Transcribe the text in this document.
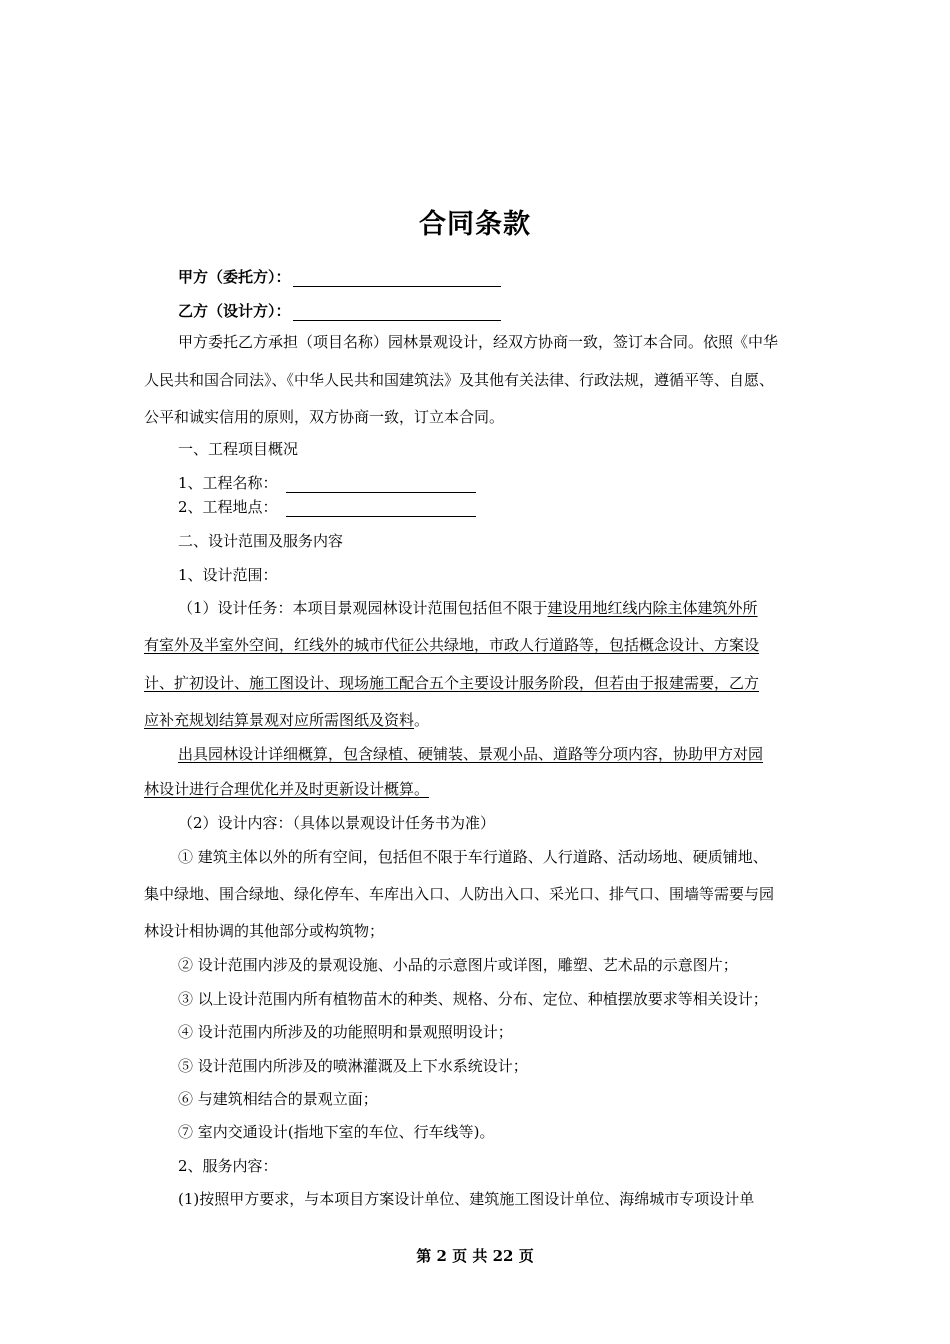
合同条款
甲方（委托方）：
乙方（设计方）：
甲方委托乙方承担（项目名称）园林景观设计，经双方协商一致，签订本合同。依照《中华
人民共和国合同法》、《中华人民共和国建筑法》及其他有关法律、行政法规，遵循平等、自愿、
公平和诚实信用的原则，双方协商一致，订立本合同。
一、工程项目概况
1、工程名称：
2、工程地点：
二、设计范围及服务内容
1、设计范围：
（1）设计任务：本项目景观园林设计范围包括但不限于建设用地红线内除主体建筑外所
有室外及半室外空间，红线外的城市代征公共绿地，市政人行道路等，包括概念设计、方案设
计、扩初设计、施工图设计、现场施工配合五个主要设计服务阶段，但若由于报建需要，乙方
应补充规划结算景观对应所需图纸及资料。
出具园林设计详细概算，包含绿植、硬铺装、景观小品、道路等分项内容，协助甲方对园
林设计进行合理优化并及时更新设计概算。
（2）设计内容：（具体以景观设计任务书为准）
① 建筑主体以外的所有空间，包括但不限于车行道路、人行道路、活动场地、硬质铺地、
集中绿地、围合绿地、绿化停车、车库出入口、人防出入口、采光口、排气口、围墙等需要与园
林设计相协调的其他部分或构筑物；
② 设计范围内涉及的景观设施、小品的示意图片或详图，雕塑、艺术品的示意图片；
③ 以上设计范围内所有植物苗木的种类、规格、分布、定位、种植摆放要求等相关设计；
④ 设计范围内所涉及的功能照明和景观照明设计；
⑤ 设计范围内所涉及的喷淋灌溉及上下水系统设计；
⑥ 与建筑相结合的景观立面；
⑦ 室内交通设计(指地下室的车位、行车线等)。
2、服务内容：
(1)按照甲方要求，与本项目方案设计单位、建筑施工图设计单位、海绵城市专项设计单
第 2 页 共 22 页
